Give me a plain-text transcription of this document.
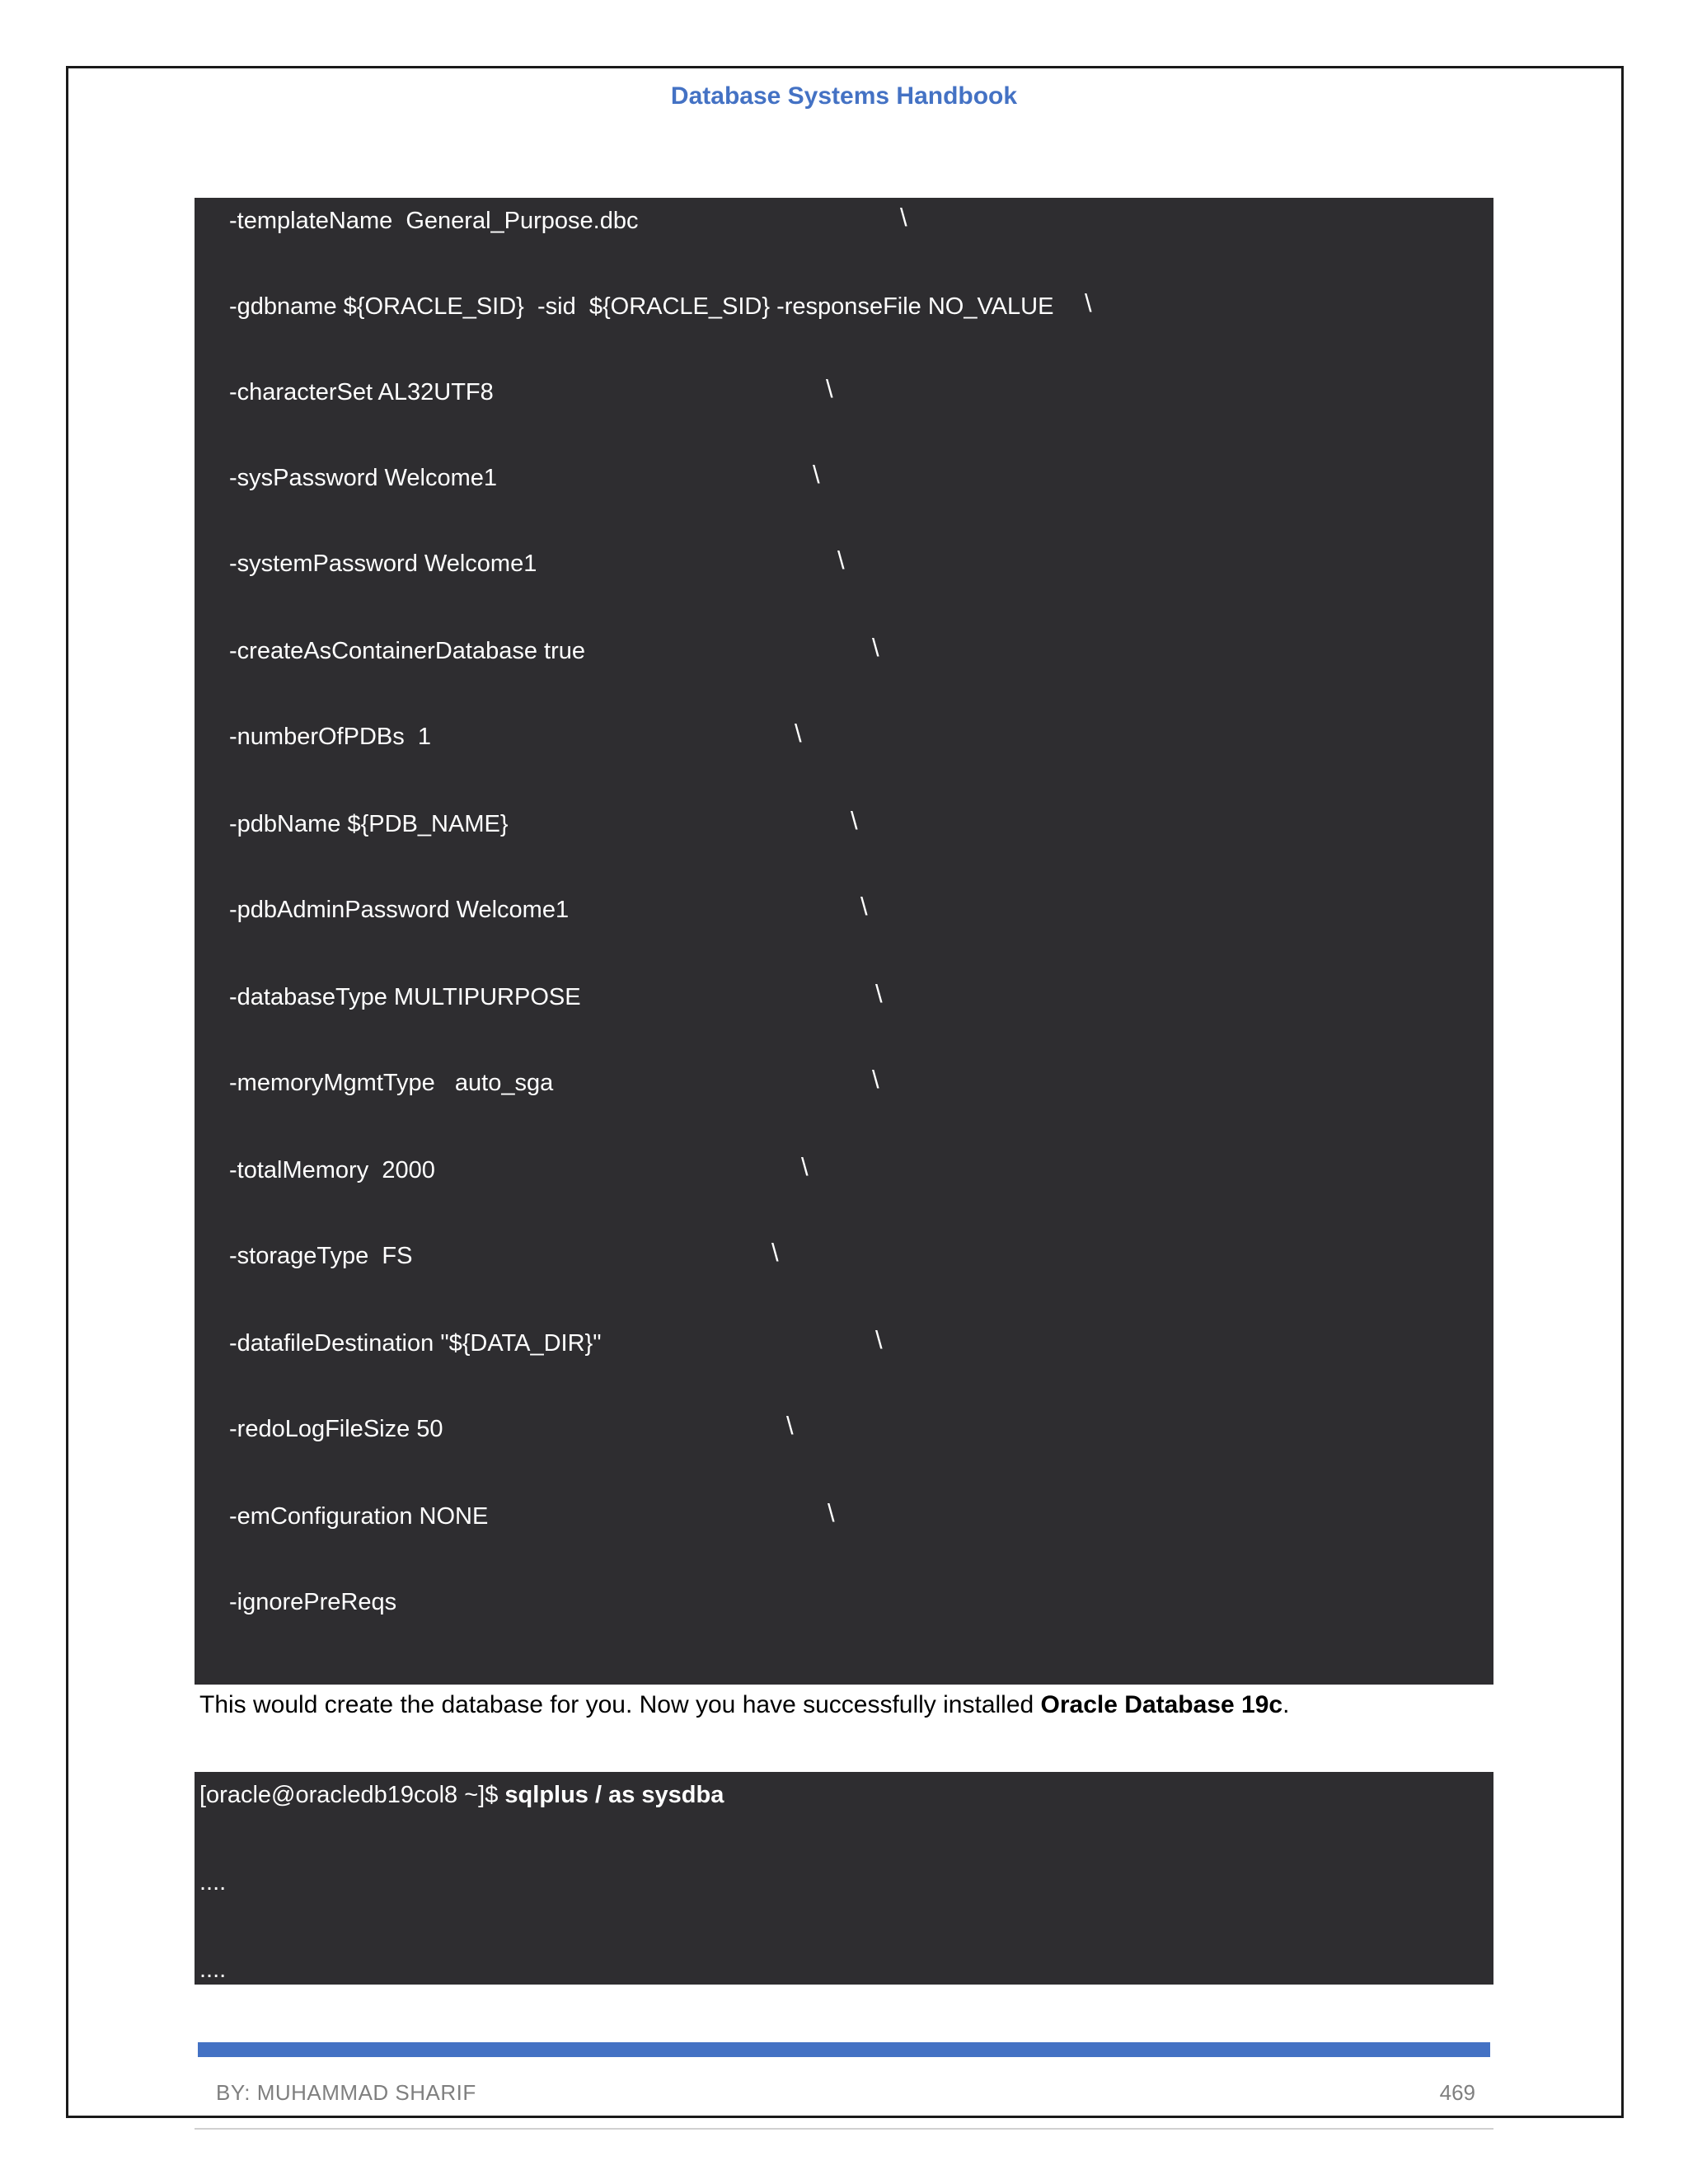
Database Systems Handbook
-templateName  General_Purpose.dbc	\
-gdbname ${ORACLE_SID}  -sid  ${ORACLE_SID} -responseFile NO_VALUE \
-characterSet AL32UTF8	\
-sysPassword Welcome1	\
-systemPassword Welcome1	\
-createAsContainerDatabase true	\
-numberOfPDBs  1	\
-pdbName ${PDB_NAME}	\
-pdbAdminPassword Welcome1	\
-databaseType MULTIPURPOSE	\
-memoryMgmtType   auto_sga	\
-totalMemory  2000	\
-storageType  FS	\
-datafileDestination "${DATA_DIR}"	\
-redoLogFileSize 50	\
-emConfiguration NONE	\
-ignorePreReqs
This would create the database for you. Now you have successfully installed Oracle Database 19c.
[oracle@oracledb19col8 ~]$ sqlplus / as sysdba
....
....
BY: MUHAMMAD SHARIF	469
